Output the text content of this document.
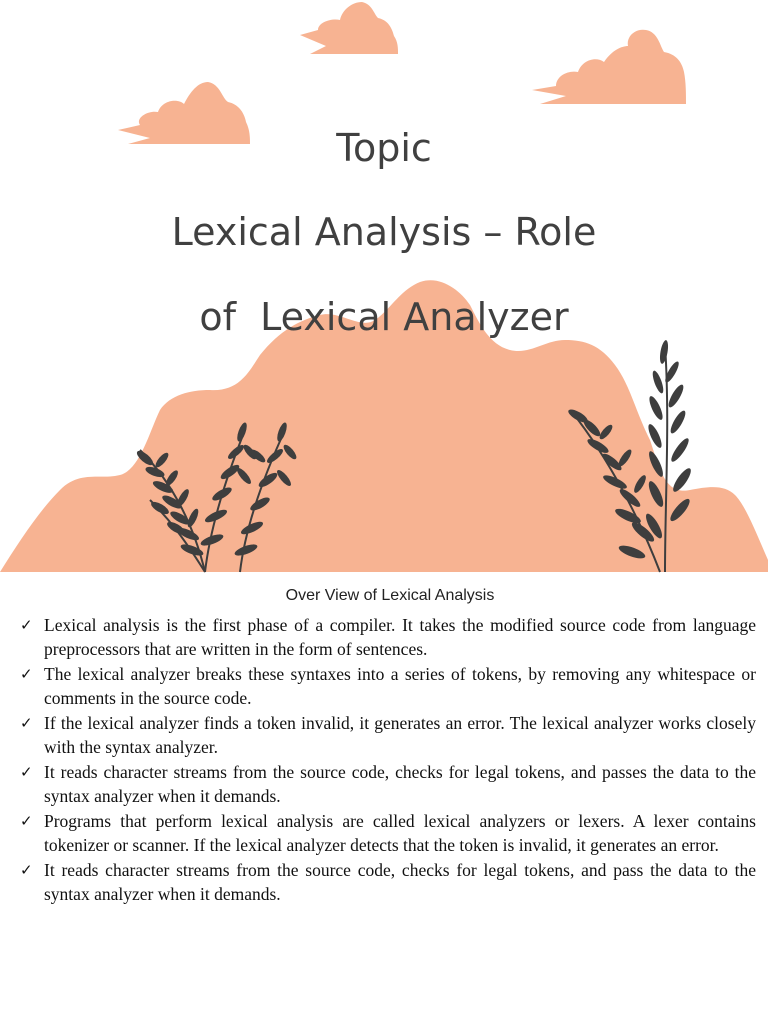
Topic
Lexical Analysis – Role
of  Lexical Analyzer
Over View of Lexical Analysis
✓ Lexical analysis is the first phase of a compiler. It takes the modified source code from language preprocessors that are written in the form of sentences.
✓ The lexical analyzer breaks these syntaxes into a series of tokens, by removing any whitespace or comments in the source code.
✓ If the lexical analyzer finds a token invalid, it generates an error. The lexical analyzer works closely with the syntax analyzer.
✓ It reads character streams from the source code, checks for legal tokens, and passes the data to the syntax analyzer when it demands.
✓ Programs that perform lexical analysis are called lexical analyzers or lexers. A lexer contains tokenizer or scanner. If the lexical analyzer detects that the token is invalid, it generates an error.
✓ It reads character streams from the source code, checks for legal tokens, and pass the data to the syntax analyzer when it demands.
